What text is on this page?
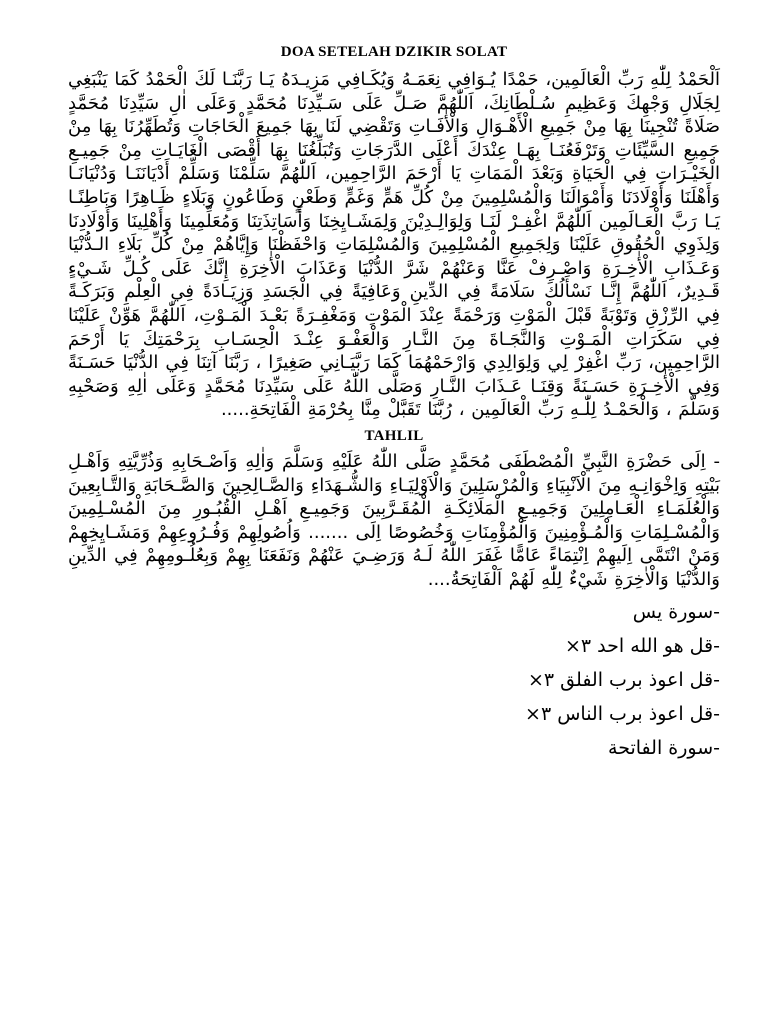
DOA SETELAH DZIKIR SOLAT

اَلْحَمْدُ لِلّٰهِ رَبِّ الْعَالَمِين، حَمْدًا يُـوَافِي نِعَمَـهُ وَيُكَـافِي مَزِيـدَهُ يَـا رَبَّنَـا لَكَ الْحَمْدُ كَمَا يَنْبَغِي لِجَلَالِ وَجْهِكَ وَعَظِيمِ سُـلْطَانِكَ، اَللّٰهُمَّ صَـلِّ عَلَى سَـيِّدِنَا مُحَمَّدٍ وَعَلَى اٰلِ سَيِّدِنَا مُحَمَّدٍ صَلَاةً تُنْجِينَا بِهَا مِنْ جَمِيعِ الْأَهْـوَالِ وَالْأٰفَـاتِ وَتَقْضِي لَنَا بِهَا جَمِيعَ الْحَاجَاتِ وَتُطَهِّرُنَا بِهَا مِنْ جَمِيعِ السَّيِّئَاتِ وَتَرْفَعُنَـا بِهَـا عِنْدَكَ أَعْلَى الدَّرَجَاتِ وَتُبَلِّغُنَا بِهَا أَقْصَى الْغَايَـاتِ مِنْ جَمِيـعِ الْخَيْـرَاتِ فِي الْحَيَاةِ وَبَعْدَ الْمَمَاتِ يَا أَرْحَمَ الرَّاحِمِين، اَللّٰهُمَّ سَلِّمْنَا وَسَلِّمْ أَدْيَانَنَـا وَدُنْيَانَـا وَأَهْلَنَا وَأَوْلَادَنَا وَأَمْوَالَنَا وَالْمُسْلِمِينَ مِنْ كُلِّ هَمٍّ وَغَمٍّ وَطَعْنٍ وَطَاعُونٍ وَبَلَاءٍ ظَـاهِرًا وَبَاطِنًـا يَـا رَبَّ الْعَـالَمِين اَللّٰهُمَّ اغْفِـرْ لَنَـا وَلِوَالِـدِيْنَ وَلِمَشَـايِخِنَا وَأَسَاتِذَتِنَا وَمُعَلِّمِينَا وَأَهْلِينَا وَأَوْلَادِنَا وَلِذَوِي الْحُقُوقِ عَلَيْنَا وَلِجَمِيعِ الْمُسْلِمِينَ وَالْمُسْلِمَاتِ وَاحْفَظْنَا وَإِيَّاهُمْ مِنْ كُلِّ بَلَاءِ الـدُّنْيَا وَعَـذَابِ الْأٰخِـرَةِ وَاصْـرِفْ عَنَّا وَعَنْهُمْ شَرَّ الدُّنْيَا وَعَذَابَ الْأٰخِرَةِ إِنَّكَ عَلَى كُـلِّ شَـيْءٍ قَـدِيرٌ، اَللّٰهُمَّ إِنَّـا نَسْأَلُكَ سَلَامَةً فِي الدِّينِ وَعَافِيَةً فِي الْجَسَدِ وَزِيَـادَةً فِي الْعِلْمِ وَبَرَكَـةً فِي الرِّزْقِ وَتَوْبَةً قَبْلَ الْمَوْتِ وَرَحْمَةً عِنْدَ الْمَوْتِ وَمَغْفِـرَةً بَعْـدَ الْمَـوْتِ، اَللّٰهُمَّ هَوِّنْ عَلَيْنَا فِي سَكَرَاتِ الْمَـوْتِ وَالنَّجَـاةَ مِنَ النَّـارِ وَالْعَفْـوَ عِنْـدَ الْحِسَـابِ بِرَحْمَتِكَ يَا أَرْحَمَ الرَّاحِمِين، رَبِّ اغْفِرْ لِي وَلِوَالِدِي وَارْحَمْهُمَا كَمَا رَبَّيَـانِي صَغِيرًا ، رَبَّنَا آتِنَا فِي الدُّنْيَا حَسَـنَةً وَفِي الْأٰخِـرَةِ حَسَـنَةً وَقِنَـا عَـذَابَ النَّـارِ وَصَلَّى اللّٰهُ عَلَى سَيِّدِنَا مُحَمَّدٍ وَعَلَى اٰلِهِ وَصَحْبِهِ وَسَلَّمَ ، وَالْحَمْـدُ لِلّٰـهِ رَبِّ الْعَالَمِين ، رُبَّنَا تَقَبَّلْ مِنَّا بِحُرْمَةِ الْفَاتِحَةِ.....

TAHLIL

- اِلَى حَضْرَةِ النَّبِيِّ الْمُصْطَفَى مُحَمَّدٍ صَلَّى اللّٰهُ عَلَيْهِ وَسَلَّمَ وَاٰلِهِ وَاَصْـحَابِهِ وَذُرِّيَّتِهِ وَاَهْـلِ بَيْتِهِ وَاِخْوَانِـهِ مِنَ الْاَنْبِيَاءِ وَالْمُرْسَلِينَ وَالْاَوْلِيَـاءِ وَالشُّـهَدَاءِ وَالصَّـالِحِينَ وَالصَّـحَابَةِ وَالتَّـابِعِينَ وَالْعُلَمَـاءِ الْعَـامِلِينَ وَجَمِيـعِ الْمَلَائِكَـةِ الْمُقَـرَّبِينَ وَجَمِيـعِ اَهْـلِ الْقُبُـورِ مِنَ الْمُسْـلِمِينَ وَالْمُسْـلِمَاتِ وَالْمُـؤْمِنِينَ وَالْمُؤْمِنَاتِ وَخُصُوصًا اِلَى ....... وَاُصُولِهِمْ وَفُـرُوعِهِمْ وَمَشَـايِخِهِمْ وَمَنْ انْتَمَّى اِلَيهِمْ اِنْتِمَاءً عَامًّا غَفَرَ اللّٰهُ لَـهُ وَرَضِـيَ عَنْهُمْ وَنَفَعَنَا بِهِمْ وَبِعُلُـومِهِمْ فِي الدِّينِ وَالدُّنْيَا وَالْاٰخِرَةِ شَيْءٌ لِلّٰهِ لَهُمْ اَلْفَاتِحَةُ....

-سورة يس
-قل هو الله احد ٣×
-قل اعوذ برب الفلق ٣×
-قل اعوذ برب الناس ٣×
-سورة الفاتحة
